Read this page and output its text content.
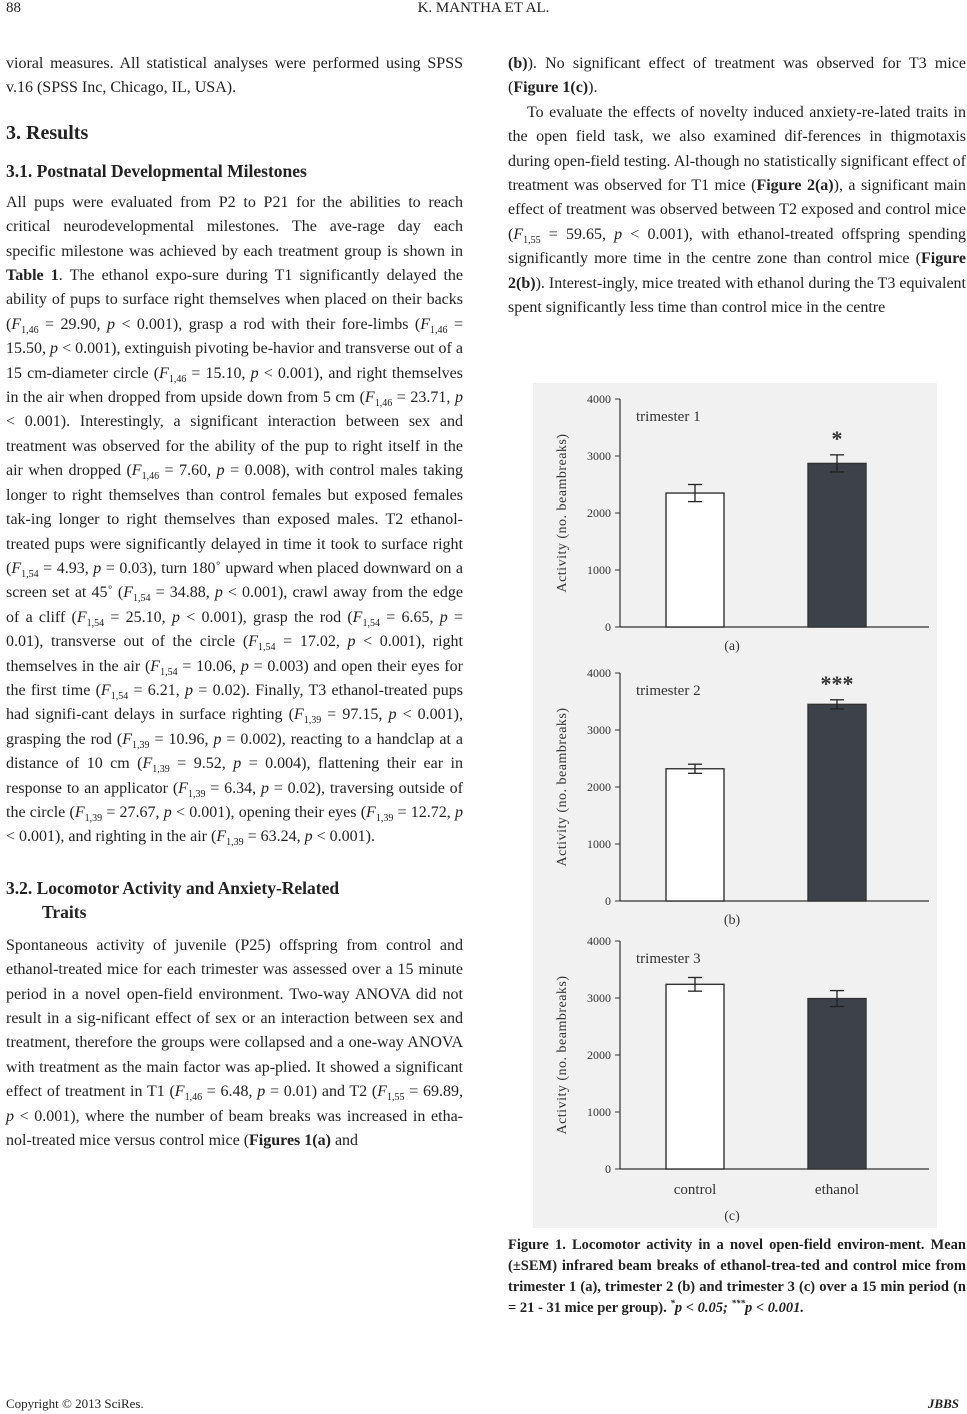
88	K. MANTHA ET AL.

vioral measures. All statistical analyses were performed using SPSS v.16 (SPSS Inc, Chicago, IL, USA).

3. Results
3.1. Postnatal Developmental Milestones

All pups were evaluated from P2 to P21 for the abilities to reach critical neurodevelopmental milestones. The ave-rage day each specific milestone was achieved by each treatment group is shown in Table 1. The ethanol expo-sure during T1 significantly delayed the ability of pups to surface right themselves when placed on their backs ($F_{1,46} = 29.90$, p < 0.001), grasp a rod with their fore-limbs ($F_{1,46} = 15.50$, p < 0.001), extinguish pivoting be-havior and transverse out of a 15 cm-diameter circle ($F_{1,46} = 15.10$, p < 0.001), and right themselves in the air when dropped from upside down from 5 cm ($F_{1,46} = 23.71$, p < 0.001). Interestingly, a significant interaction between sex and treatment was observed for the ability of the pup to right itself in the air when dropped ($F_{1,46} = 7.60$, p = 0.008), with control males taking longer to right themselves than control females but exposed females tak-ing longer to right themselves than exposed males. T2 ethanol-treated pups were significantly delayed in time it took to surface right ($F_{1,54} = 4.93$, p = 0.03), turn 180˚ upward when placed downward on a screen set at 45˚ ($F_{1,54} = 34.88$, p < 0.001), crawl away from the edge of a cliff ($F_{1,54} = 25.10$, p < 0.001), grasp the rod ($F_{1,54} = 6.65$, p = 0.01), transverse out of the circle ($F_{1,54} = 17.02$, p < 0.001), right themselves in the air ($F_{1,54} = 10.06$, p = 0.003) and open their eyes for the first time ($F_{1,54} = 6.21$, p = 0.02). Finally, T3 ethanol-treated pups had signifi-cant delays in surface righting ($F_{1,39} = 97.15$, p < 0.001), grasping the rod ($F_{1,39} = 10.96$, p = 0.002), reacting to a handclap at a distance of 10 cm ($F_{1,39} = 9.52$, p = 0.004), flattening their ear in response to an applicator ($F_{1,39} = 6.34$, p = 0.02), traversing outside of the circle ($F_{1,39} = 27.67$, p < 0.001), opening their eyes ($F_{1,39} = 12.72$, p < 0.001), and righting in the air ($F_{1,39} = 63.24$, p < 0.001).

3.2. Locomotor Activity and Anxiety-Related
Traits

Spontaneous activity of juvenile (P25) offspring from control and ethanol-treated mice for each trimester was assessed over a 15 minute period in a novel open-field environment. Two-way ANOVA did not result in a sig-nificant effect of sex or an interaction between sex and treatment, therefore the groups were collapsed and a one-way ANOVA with treatment as the main factor was ap-plied. It showed a significant effect of treatment in T1 ($F_{1,46} = 6.48$, p = 0.01) and T2 ($F_{1,55} = 69.89$, p < 0.001), where the number of beam breaks was increased in etha-nol-treated mice versus control mice (Figures 1(a) and

(b)). No significant effect of treatment was observed for T3 mice (Figure 1(c)).

To evaluate the effects of novelty induced anxiety-re-lated traits in the open field task, we also examined dif-ferences in thigmotaxis during open-field testing. Al-though no statistically significant effect of treatment was observed for T1 mice (Figure 2(a)), a significant main effect of treatment was observed between T2 exposed and control mice ($F_{1,55} = 59.65$, p < 0.001), with ethanol-treated offspring spending significantly more time in the centre zone than control mice (Figure 2(b)). Interest-ingly, mice treated with ethanol during the T3 equivalent spent significantly less time than control mice in the centre

0
1000
2000
3000
4000
Activity (no. beambreaks)
trimester 1
*
(a)
0
1000
2000
3000
4000
Activity (no. beambreaks)
trimester 2	***
(b)
0
1000
2000
3000
4000
Activity (no. beambreaks)
trimester 3
control	ethanol
(c)
Figure 1. Locomotor activity in a novel open-field environ-ment. Mean (±SEM) infrared beam breaks of ethanol-trea-ted and control mice from trimester 1 (a), trimester 2 (b) and trimester 3 (c) over a 15 min period (n = 21 - 31 mice per group). *p < 0.05; ***p < 0.001.
Copyright © 2013 SciRes.	JBBS
